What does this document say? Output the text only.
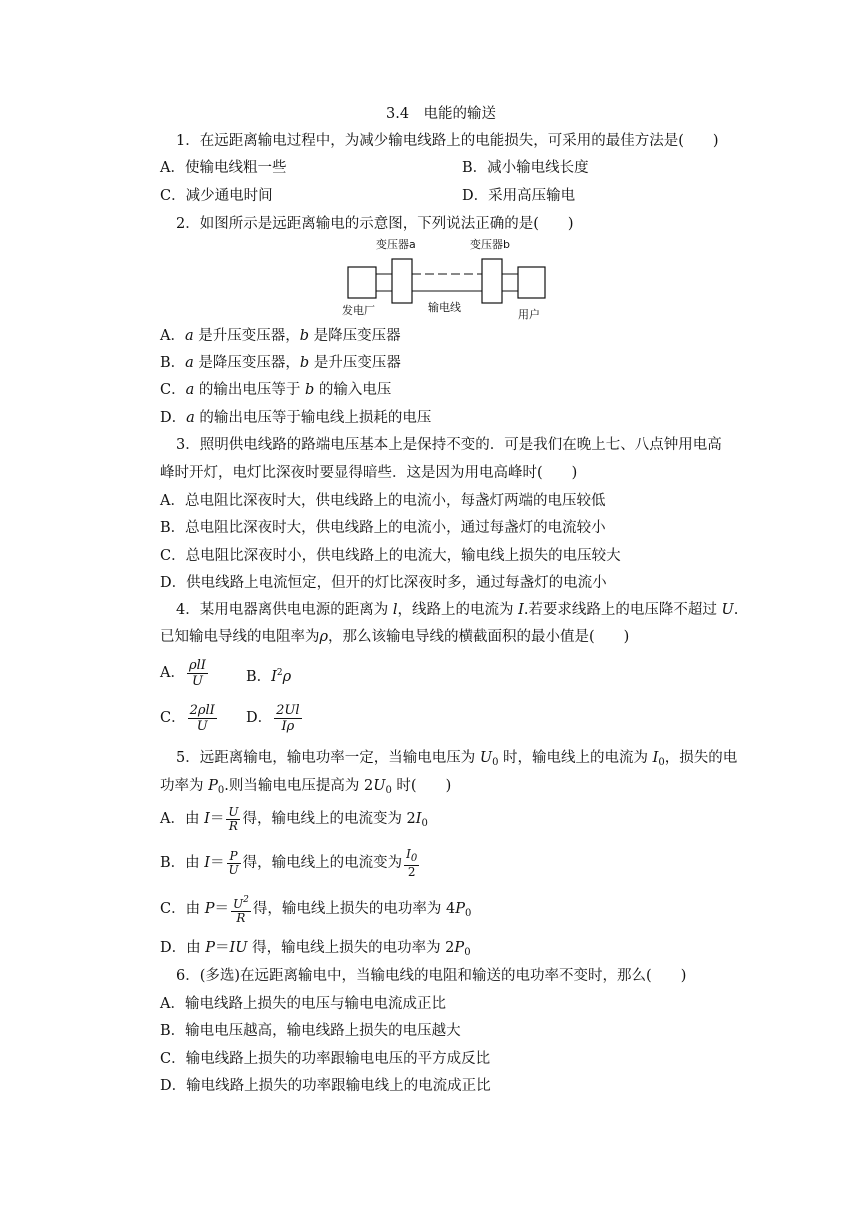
3.4　电能的输送
1．在远距离输电过程中，为减少输电线路上的电能损失，可采用的最佳方法是(　　)
A．使输电线粗一些	B．减小输电线长度
C．减少通电时间	D．采用高压输电
2．如图所示是远距离输电的示意图，下列说法正确的是(　　)
变压器a	变压器b
发电厂	输电线
用户
A．a 是升压变压器，b 是降压变压器
B．a 是降压变压器，b 是升压变压器
C．a 的输出电压等于 b 的输入电压
D．a 的输出电压等于输电线上损耗的电压
3．照明供电线路的路端电压基本上是保持不变的．可是我们在晚上七、八点钟用电高
峰时开灯，电灯比深夜时要显得暗些．这是因为用电高峰时(　　)
A．总电阻比深夜时大，供电线路上的电流小，每盏灯两端的电压较低
B．总电阻比深夜时大，供电线路上的电流小，通过每盏灯的电流较小
C．总电阻比深夜时小，供电线路上的电流大，输电线上损失的电压较大
D．供电线路上电流恒定，但开的灯比深夜时多，通过每盏灯的电流小
4．某用电器离供电电源的距离为 l，线路上的电流为 I.若要求线路上的电压降不超过 U.
已知输电导线的电阻率为ρ，那么该输电导线的横截面积的最小值是(　　)
A． $\frac{\text{ρlI}}{U}$	B．$I^2\rho$
C． $\frac{\text{2ρlI}}{U}$ D． $\frac{2Ul}{I\rho}$
5．远距离输电，输电功率一定，当输电电压为 $U_0$ 时，输电线上的电流为 $I_0$，损失的电
功率为 $P_0$.则当输电电压提高为 $2U_0$ 时(　　)
A．由 $I= \frac{U}{R}$ 得，输电线上的电流变为 $2I_0$
B．由 $I= \frac{P}{U}$ 得，输电线上的电流变为 $\frac{I_0}{2}$
C．由 $P= \frac{U^2}{R}$ 得，输电线上损失的电功率为 $4P_0$
D．由 P＝IU 得，输电线上损失的电功率为 $2P_0$
6．(多选)在远距离输电中，当输电线的电阻和输送的电功率不变时，那么(　　)
A．输电线路上损失的电压与输电电流成正比
B．输电电压越高，输电线路上损失的电压越大
C．输电线路上损失的功率跟输电电压的平方成反比
D．输电线路上损失的功率跟输电线上的电流成正比
